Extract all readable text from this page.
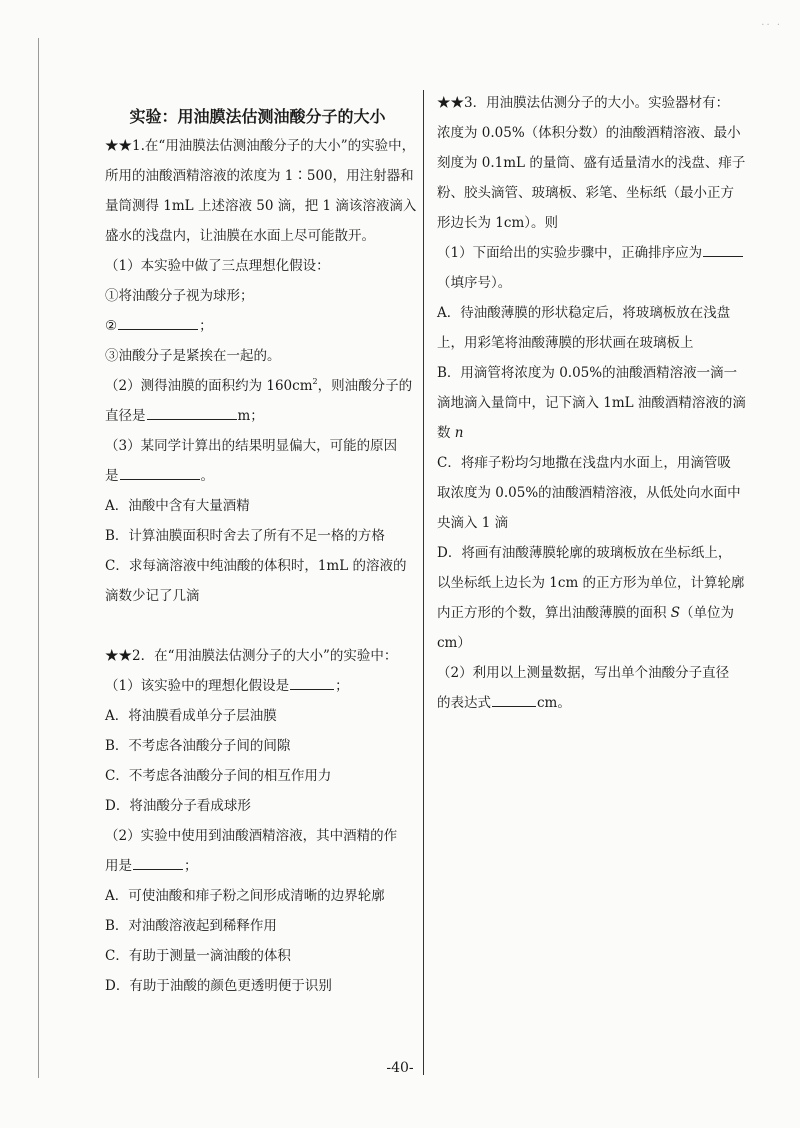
·· ·

实验：用油膜法估测油酸分子的大小

★★1.在“用油膜法估测油酸分子的大小”的实验中，

所用的油酸酒精溶液的浓度为 1∶500，用注射器和

量筒测得 1mL 上述溶液 50 滴，把 1 滴该溶液滴入

盛水的浅盘内，让油膜在水面上尽可能散开。

（1）本实验中做了三点理想化假设：

①将油酸分子视为球形；

②	；

③油酸分子是紧挨在一起的。

（2）测得油膜的面积约为 $160cm^2$，则油酸分子的

直径是	m；

（3）某同学计算出的结果明显偏大，可能的原因

是	。

A．油酸中含有大量酒精

B．计算油膜面积时舍去了所有不足一格的方格

C．求每滴溶液中纯油酸的体积时，1mL 的溶液的

滴数少记了几滴

★★2．在“用油膜法估测分子的大小”的实验中：

（1）该实验中的理想化假设是	；

A．将油膜看成单分子层油膜

B．不考虑各油酸分子间的间隙

C．不考虑各油酸分子间的相互作用力

D．将油酸分子看成球形

（2）实验中使用到油酸酒精溶液，其中酒精的作

用是	；

A．可使油酸和痱子粉之间形成清晰的边界轮廓

B．对油酸溶液起到稀释作用

C．有助于测量一滴油酸的体积

D．有助于油酸的颜色更透明便于识别

★★3．用油膜法估测分子的大小。实验器材有：

浓度为 0.05%（体积分数）的油酸酒精溶液、最小

刻度为 0.1mL 的量筒、盛有适量清水的浅盘、痱子

粉、胶头滴管、玻璃板、彩笔、坐标纸（最小正方

形边长为 1cm）。则

（1）下面给出的实验步骤中，正确排序应为

（填序号）。

A．待油酸薄膜的形状稳定后，将玻璃板放在浅盘

上，用彩笔将油酸薄膜的形状画在玻璃板上

B．用滴管将浓度为 0.05%的油酸酒精溶液一滴一

滴地滴入量筒中，记下滴入 1mL 油酸酒精溶液的滴

数 n

C．将痱子粉均匀地撒在浅盘内水面上，用滴管吸

取浓度为 0.05%的油酸酒精溶液，从低处向水面中

央滴入 1 滴

D．将画有油酸薄膜轮廓的玻璃板放在坐标纸上，

以坐标纸上边长为 1cm 的正方形为单位，计算轮廓

内正方形的个数，算出油酸薄膜的面积 S（单位为

cm）

（2）利用以上测量数据，写出单个油酸分子直径

的表达式	cm。

-40-
